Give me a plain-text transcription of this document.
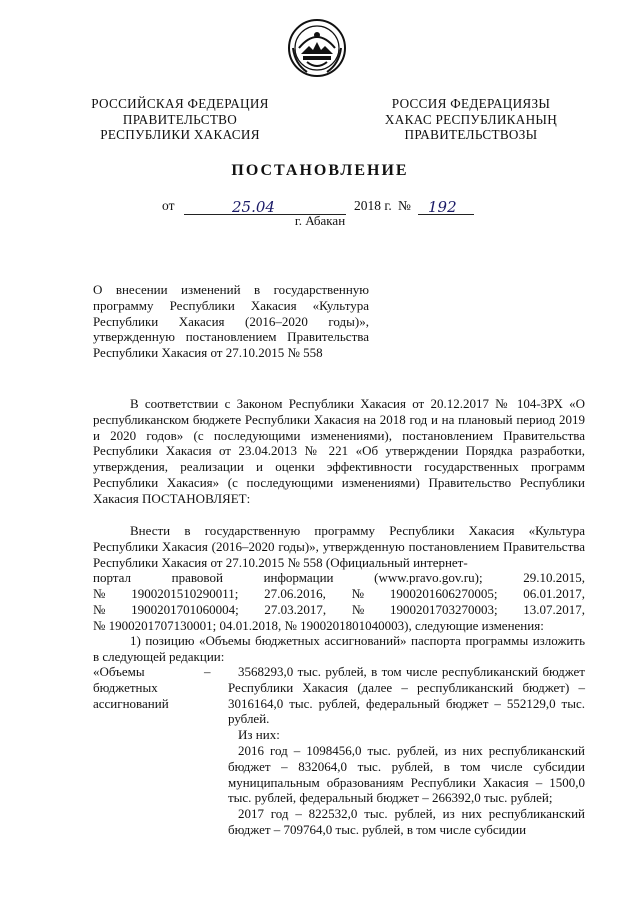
РОССИЙСКАЯ ФЕДЕРАЦИЯ
ПРАВИТЕЛЬСТВО
РЕСПУБЛИКИ ХАКАСИЯ
РОССИЯ ФЕДЕРАЦИЯЗЫ
ХАКАС РЕСПУБЛИКАНЫҢ
ПРАВИТЕЛЬСТВОЗЫ
ПОСТАНОВЛЕНИЕ
от	25.04	2018 г. № 192
г. Абакан
О внесении изменений в государственную программу Республики Хакасия «Культура Республики Хакасия (2016–2020 годы)», утвержденную постановлением Правительства Республики Хакасия от 27.10.2015 № 558
В соответствии с Законом Республики Хакасия от 20.12.2017 № 104-ЗРХ «О республиканском бюджете Республики Хакасия на 2018 год и на плановый период 2019 и 2020 годов» (с последующими изменениями), постановлением Правительства Республики Хакасия от 23.04.2013 № 221 «Об утверждении Порядка разработки, утверждения, реализации и оценки эффективности государственных программ Республики Хакасия» (с последующими изменениями) Правительство Республики Хакасия ПОСТАНОВЛЯЕТ:
Внести в государственную программу Республики Хакасия «Культура Республики Хакасия (2016–2020 годы)», утвержденную постановлением Правительства Республики Хакасия от 27.10.2015 № 558 (Официальный интернет-
портал	правовой	информации	(www.pravo.gov.ru);	29.10.2015,
№ 1900201510290011; 27.06.2016, № 1900201606270005; 06.01.2017,
№ 1900201701060004; 27.03.2017, № 1900201703270003; 13.07.2017,
№ 1900201707130001; 04.01.2018, № 1900201801040003), следующие изменения:
1) позицию «Объемы бюджетных ассигнований» паспорта программы изложить в следующей редакции:
«Объемы
бюджетных
ассигнований
–	3568293,0 тыс. рублей, в том числе республиканский бюджет Республики Хакасия (далее – республиканский бюджет) – 3016164,0 тыс. рублей, федеральный бюджет – 552129,0 тыс. рублей.
Из них:
2016 год – 1098456,0 тыс. рублей, из них республиканский бюджет – 832064,0 тыс. рублей, в том числе субсидии муниципальным образованиям Республики Хакасия – 1500,0 тыс. рублей, федеральный бюджет – 266392,0 тыс. рублей;
2017 год – 822532,0 тыс. рублей, из них республиканский бюджет – 709764,0 тыс. рублей, в том числе субсидии
